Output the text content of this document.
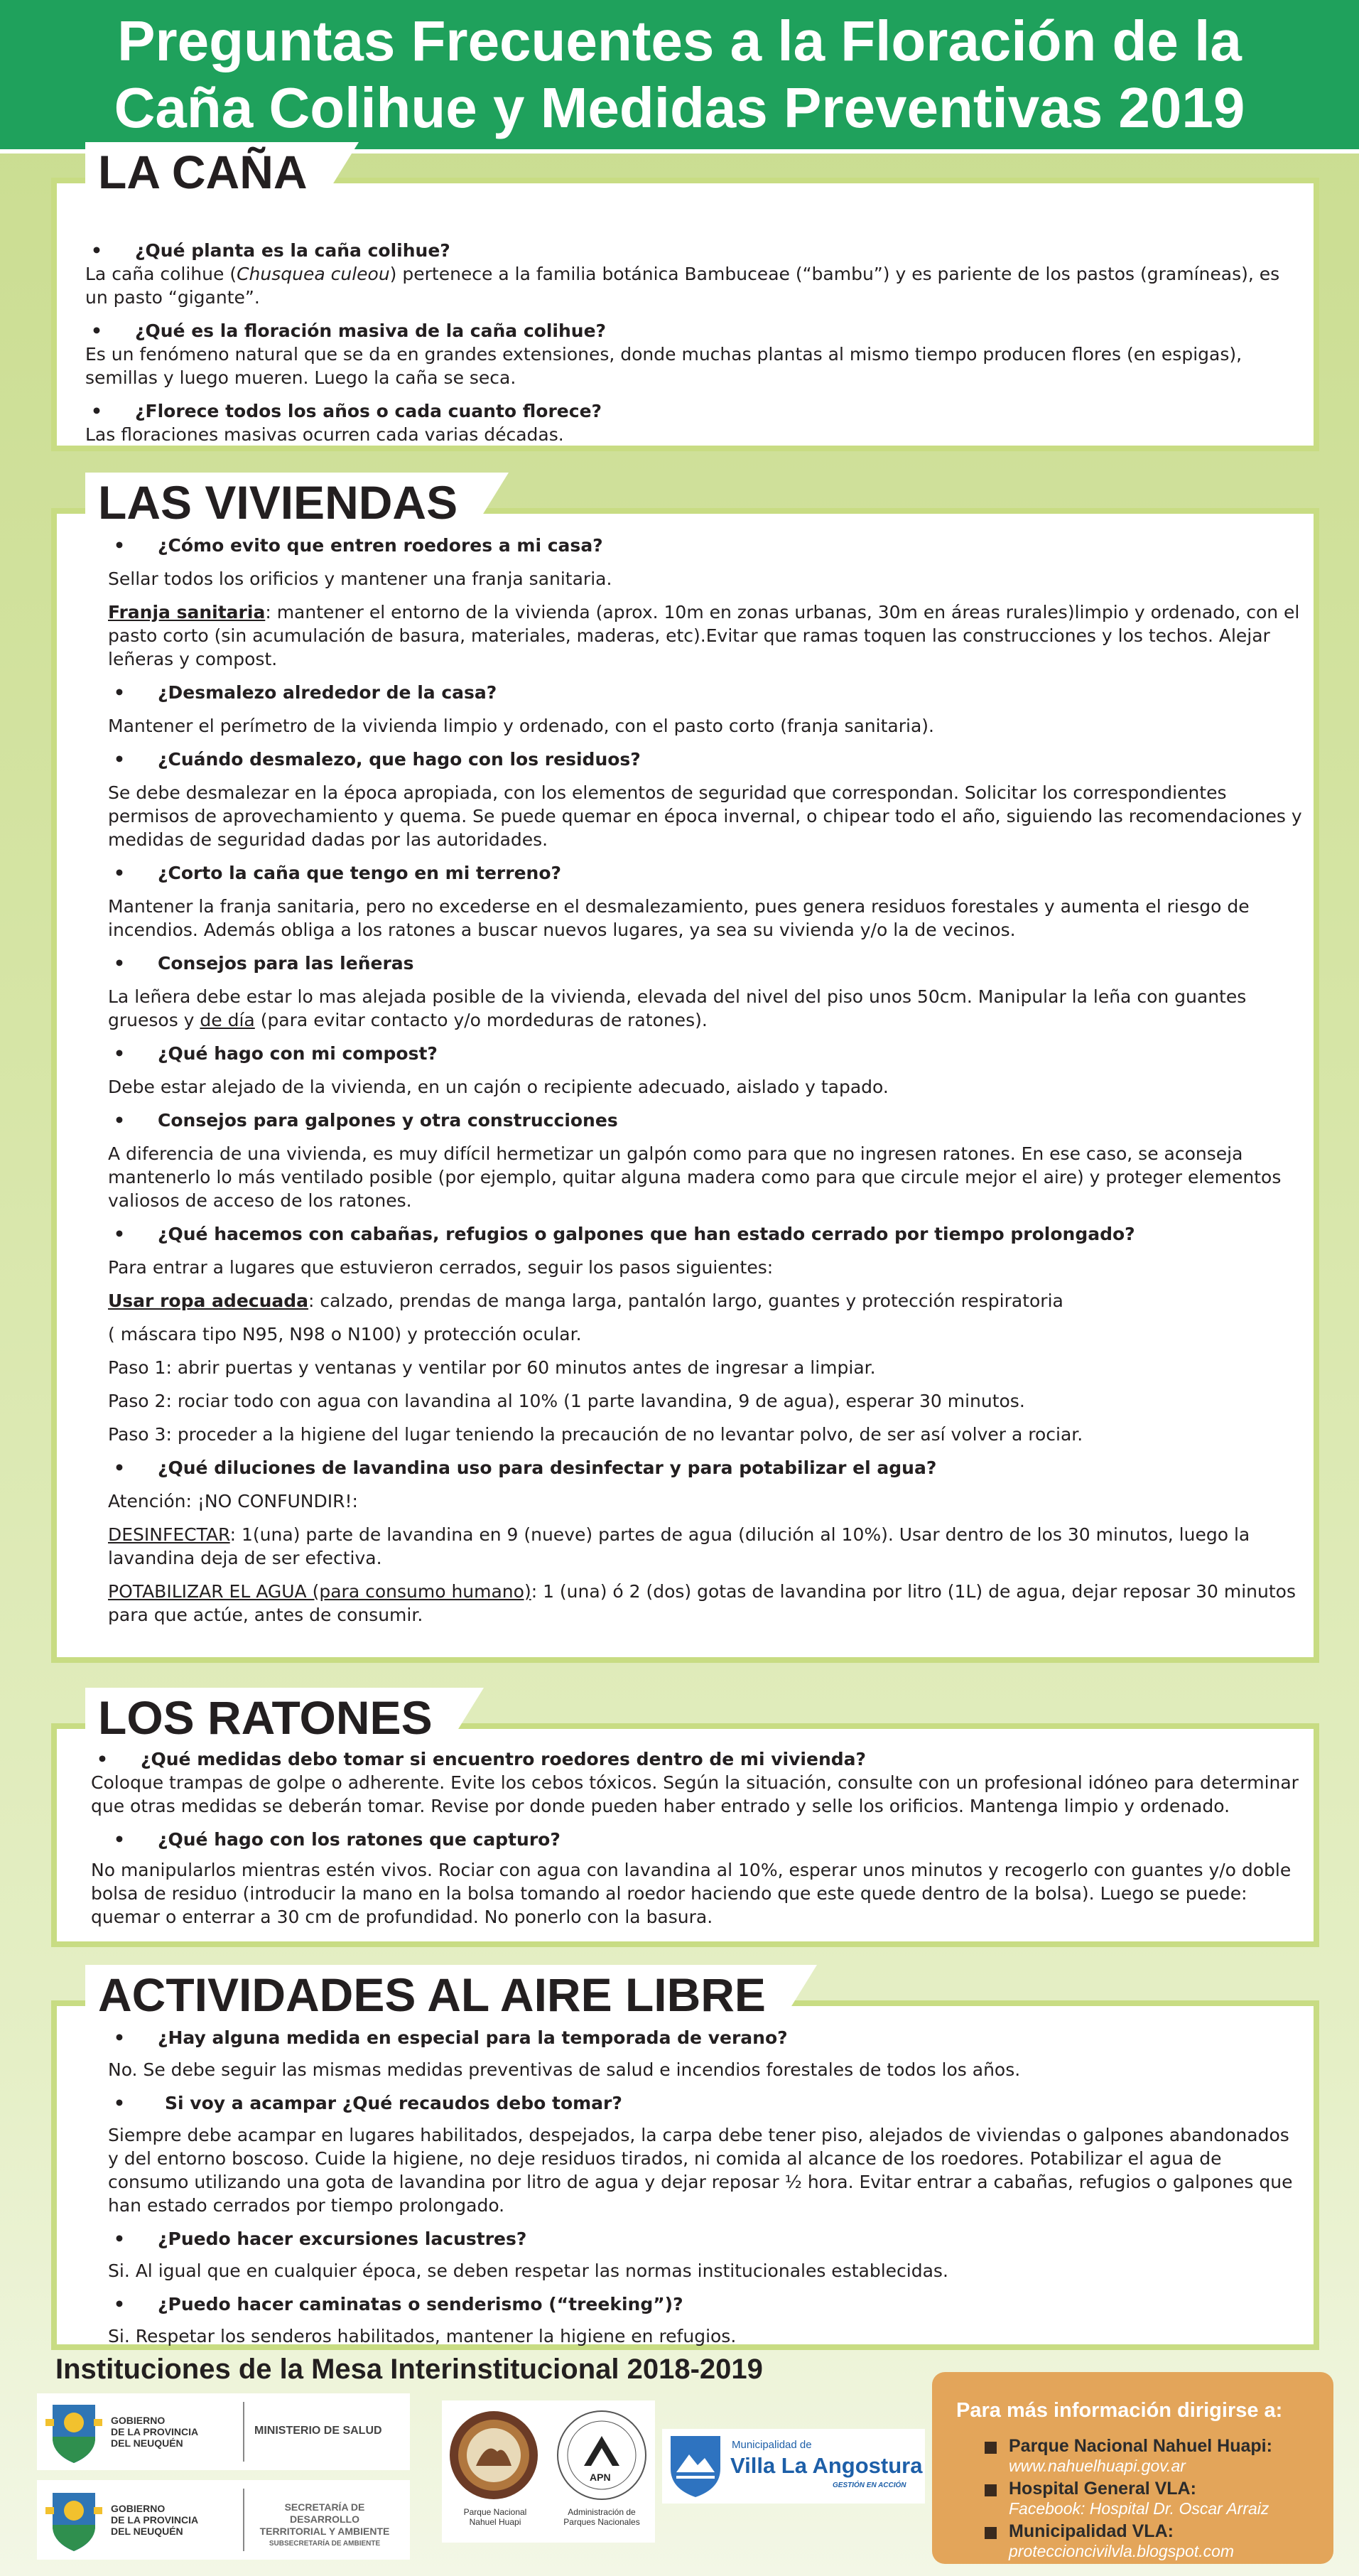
Preguntas Frecuentes a la Floración de la
Caña Colihue y Medidas Preventivas 2019
LA CAÑA

• ¿Qué planta es la caña colihue?

La caña colihue (Chusquea culeou) pertenece a la familia botánica Bambuceae (“bambu”) y es pariente de los pastos (gramíneas), es un pasto “gigante”.

• ¿Qué es la floración masiva de la caña colihue?

Es un fenómeno natural que se da en grandes extensiones, donde muchas plantas al mismo tiempo producen flores (en espigas), semillas y luego mueren. Luego la caña se seca.

• ¿Florece todos los años o cada cuanto florece?

Las floraciones masivas ocurren cada varias décadas.

LAS VIVIENDAS

• ¿Cómo evito que entren roedores a mi casa?

Sellar todos los orificios y mantener una franja sanitaria.

Franja sanitaria: mantener el entorno de la vivienda (aprox. 10m en zonas urbanas, 30m en áreas rurales)limpio y ordenado, con el pasto corto (sin acumulación de basura, materiales, maderas, etc).Evitar que ramas toquen las construcciones y los techos. Alejar leñeras y compost.

• ¿Desmalezo alrededor de la casa?

Mantener el perímetro de la vivienda limpio y ordenado, con el pasto corto (franja sanitaria).

• ¿Cuándo desmalezo, que hago con los residuos?

Se debe desmalezar en la época apropiada, con los elementos de seguridad que correspondan. Solicitar los correspondientes permisos de aprovechamiento y quema. Se puede quemar en época invernal, o chipear todo el año, siguiendo las recomendaciones y medidas de seguridad dadas por las autoridades.

• ¿Corto la caña que tengo en mi terreno?

Mantener la franja sanitaria, pero no excederse en el desmalezamiento, pues genera residuos forestales y aumenta el riesgo de incendios. Además obliga a los ratones a buscar nuevos lugares, ya sea su vivienda y/o la de vecinos.

• Consejos para las leñeras

La leñera debe estar lo mas alejada posible de la vivienda, elevada del nivel del piso unos 50cm. Manipular la leña con guantes gruesos y de día (para evitar contacto y/o mordeduras de ratones).

• ¿Qué hago con mi compost?

Debe estar alejado de la vivienda, en un cajón o recipiente adecuado, aislado y tapado.

• Consejos para galpones y otra construcciones

A diferencia de una vivienda, es muy difícil hermetizar un galpón como para que no ingresen ratones. En ese caso, se aconseja mantenerlo lo más ventilado posible (por ejemplo, quitar alguna madera como para que circule mejor el aire) y proteger elementos valiosos de acceso de los ratones.

• ¿Qué hacemos con cabañas, refugios o galpones que han estado cerrado por tiempo prolongado?

Para entrar a lugares que estuvieron cerrados, seguir los pasos siguientes:

Usar ropa adecuada: calzado, prendas de manga larga, pantalón largo, guantes y protección respiratoria

( máscara tipo N95, N98 o N100) y protección ocular.

Paso 1: abrir puertas y ventanas y ventilar por 60 minutos antes de ingresar a limpiar.

Paso 2: rociar todo con agua con lavandina al 10% (1 parte lavandina, 9 de agua), esperar 30 minutos.

Paso 3: proceder a la higiene del lugar teniendo la precaución de no levantar polvo, de ser así volver a rociar.

• ¿Qué diluciones de lavandina uso para desinfectar y para potabilizar el agua?

Atención: ¡NO CONFUNDIR!:

DESINFECTAR: 1(una) parte de lavandina en 9 (nueve) partes de agua (dilución al 10%). Usar dentro de los 30 minutos, luego la lavandina deja de ser efectiva.

POTABILIZAR EL AGUA (para consumo humano): 1 (una) ó 2 (dos) gotas de lavandina por litro (1L) de agua, dejar reposar 30 minutos para que actúe, antes de consumir.

LOS RATONES

• ¿Qué medidas debo tomar si encuentro roedores dentro de mi vivienda?

Coloque trampas de golpe o adherente. Evite los cebos tóxicos. Según la situación, consulte con un profesional idóneo para determinar que otras medidas se deberán tomar. Revise por donde pueden haber entrado y selle los orificios. Mantenga limpio y ordenado.

• ¿Qué hago con los ratones que capturo?

No manipularlos mientras estén vivos. Rociar con agua con lavandina al 10%, esperar unos minutos y recogerlo con guantes y/o doble bolsa de residuo (introducir la mano en la bolsa tomando al roedor haciendo que este quede dentro de la bolsa). Luego se puede: quemar o enterrar a 30 cm de profundidad. No ponerlo con la basura.

ACTIVIDADES AL AIRE LIBRE

• ¿Hay alguna medida en especial para la temporada de verano?

No. Se debe seguir las mismas medidas preventivas de salud e incendios forestales de todos los años.

• Si voy a acampar ¿Qué recaudos debo tomar?

Siempre debe acampar en lugares habilitados, despejados, la carpa debe tener piso, alejados de viviendas o galpones abandonados y del entorno boscoso. Cuide la higiene, no deje residuos tirados, ni comida al alcance de los roedores. Potabilizar el agua de consumo utilizando una gota de lavandina por litro de agua y dejar reposar ½ hora. Evitar entrar a cabañas, refugios o galpones que han estado cerrados por tiempo prolongado.

• ¿Puedo hacer excursiones lacustres?

Si. Al igual que en cualquier época, se deben respetar las normas institucionales establecidas.

• ¿Puedo hacer caminatas o senderismo (“treeking”)?

Si. Respetar los senderos habilitados, mantener la higiene en refugios.

Instituciones de la Mesa Interinstitucional 2018-2019
GOBIERNO
DE LA PROVINCIA
DEL NEUQUÉN
MINISTERIO DE SALUD
GOBIERNO
DE LA PROVINCIA
DEL NEUQUÉN
SECRETARÍA DE DESARROLLO
TERRITORIAL Y AMBIENTE
SUBSECRETARÍA DE AMBIENTE
Parque Nacional
Nahuel Huapi
APN
Administración de
Parques Nacionales
Municipalidad de
Villa La Angostura
GESTIÓN EN ACCIÓN
Para más información dirigirse a:
Parque Nacional Nahuel Huapi:
www.nahuelhuapi.gov.ar
Hospital General VLA:
Facebook: Hospital Dr. Oscar Arraiz
Municipalidad VLA:
proteccioncivilvla.blogspot.com
